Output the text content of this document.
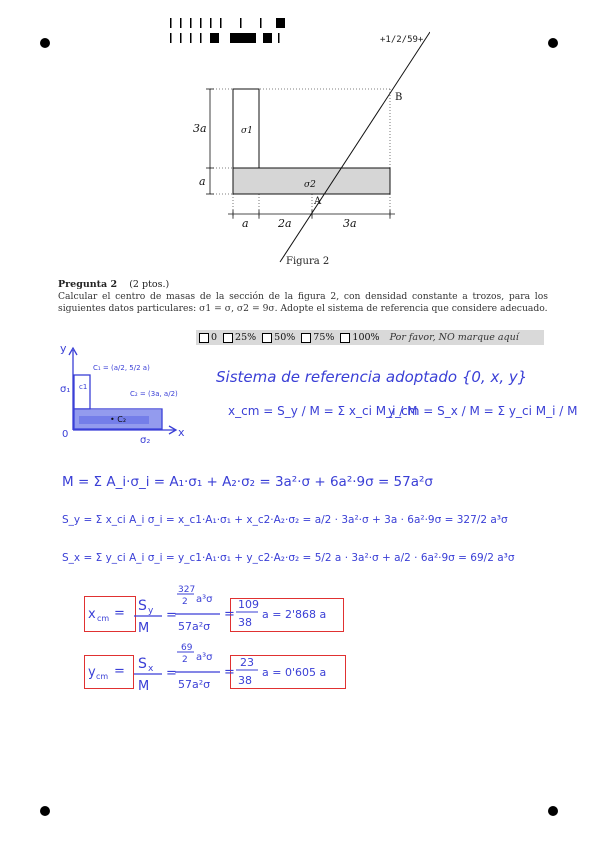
+1/2/59+
3a
a
a	2a	3a
σ1
σ2
A
B
Figura 2
Pregunta 2 (2 ptos.)
Calcular el centro de masas de la sección de la figura 2, con densidad constante a trozos, para los siguientes datos particulares: σ1 = σ, σ2 = 9σ. Adopte el sistema de referencia que considere adecuado.
0 25% 50% 75% 100% Por favor, NO marque aquí
y
x
0
c1
C₁ = (a/2, 5/2 a)
C₂ = (3a, a/2)
• C₂
σ₁
σ₂
Sistema de referencia adoptado {0, x, y}
x_cm = S_y / M = Σ x_ci M_i / M
y_cm = S_x / M = Σ y_ci M_i / M
M = Σ A_i·σ_i = A₁·σ₁ + A₂·σ₂ = 3a²·σ + 6a²·9σ = 57a²σ
S_y = Σ x_ci A_i σ_i = x_c1·A₁·σ₁ + x_c2·A₂·σ₂ = a/2 · 3a²·σ + 3a · 6a²·9σ = 327/2 a³σ
S_x = Σ y_ci A_i σ_i = y_c1·A₁·σ₁ + y_c2·A₂·σ₂ = 5/2 a · 3a²·σ + a/2 · 6a²·9σ = 69/2 a³σ
x cm = S y
M
=
327
2 a³σ
57a²σ
=
109
38
a = 2'868 a
y cm = S x
M
=
69
2 a³σ
57a²σ
=
23
38
a = 0'605 a
